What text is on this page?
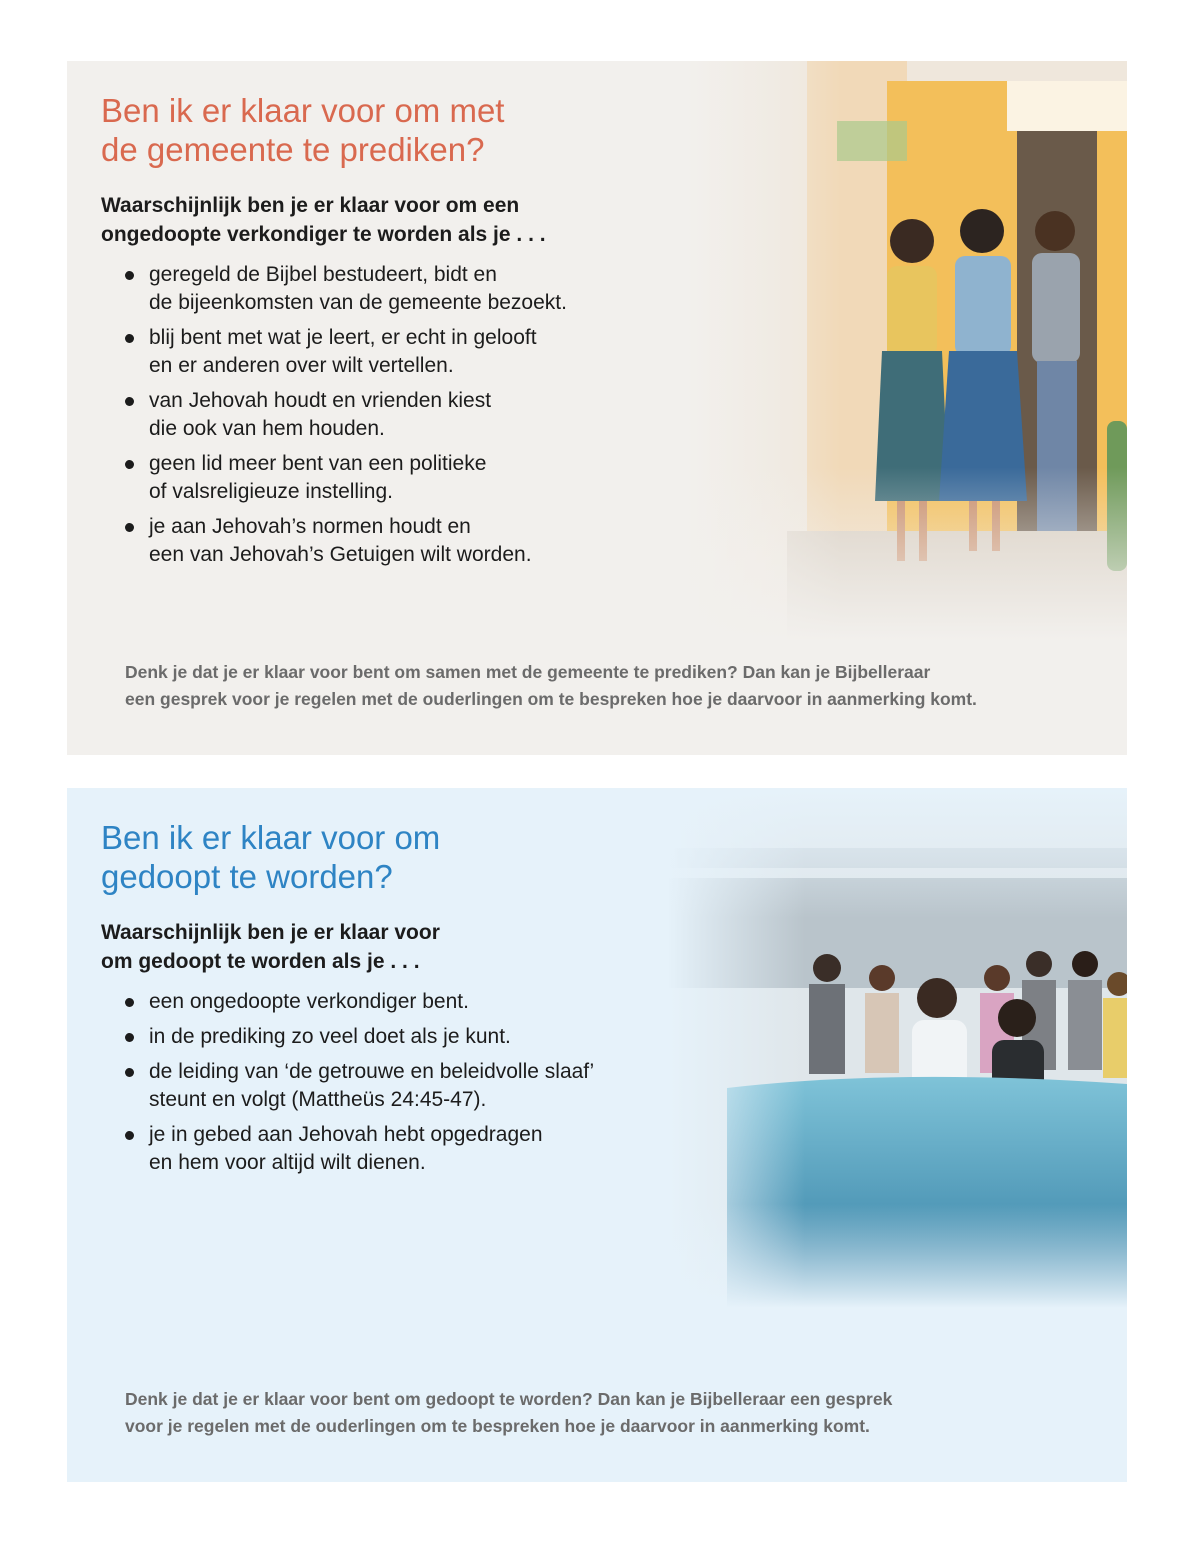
Ben ik er klaar voor om met
de gemeente te prediken?
Waarschijnlijk ben je er klaar voor om een
ongedoopte verkondiger te worden als je . . .
geregeld de Bijbel bestudeert, bidt en
de bijeenkomsten van de gemeente bezoekt.
blij bent met wat je leert, er echt in gelooft
en er anderen over wilt vertellen.
van Jehovah houdt en vrienden kiest
die ook van hem houden.
geen lid meer bent van een politieke
of valsreligieuze instelling.
je aan Jehovah’s normen houdt en
een van Jehovah’s Getuigen wilt worden.
Denk je dat je er klaar voor bent om samen met de gemeente te prediken? Dan kan je Bijbelleraar
een gesprek voor je regelen met de ouderlingen om te bespreken hoe je daarvoor in aanmerking komt.
Ben ik er klaar voor om
gedoopt te worden?
Waarschijnlijk ben je er klaar voor
om gedoopt te worden als je . . .
een ongedoopte verkondiger bent.
in de prediking zo veel doet als je kunt.
de leiding van ‘de getrouwe en beleidvolle slaaf’
steunt en volgt (Mattheüs 24:45-47).
je in gebed aan Jehovah hebt opgedragen
en hem voor altijd wilt dienen.
Denk je dat je er klaar voor bent om gedoopt te worden? Dan kan je Bijbelleraar een gesprek
voor je regelen met de ouderlingen om te bespreken hoe je daarvoor in aanmerking komt.
